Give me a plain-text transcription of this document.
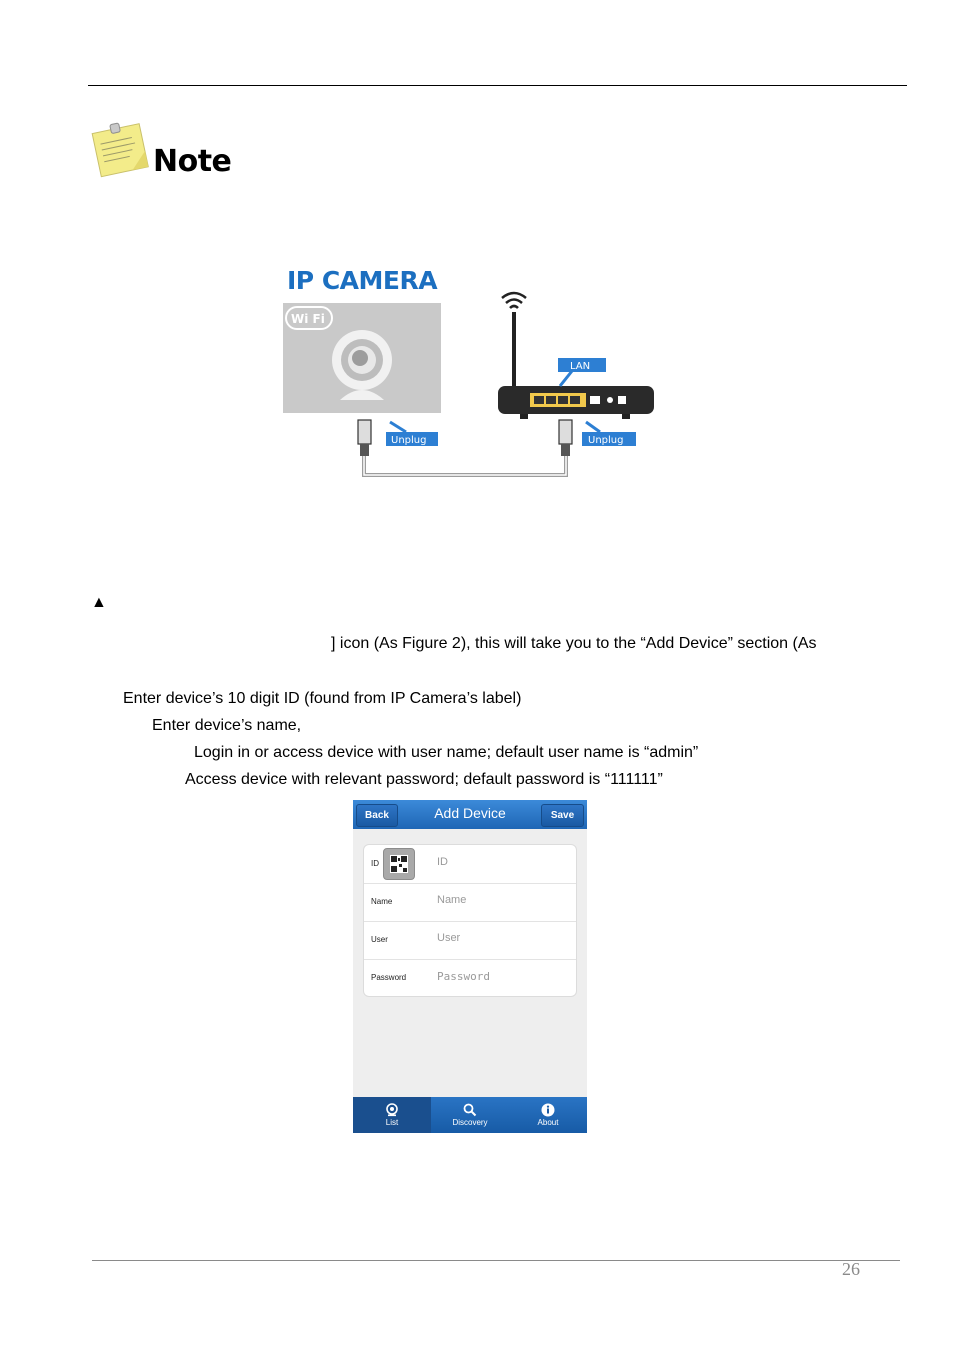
Note
IP CAMERA
Wi Fi
Unplug	Unplug
LAN
▲
] icon (As Figure 2), this will take you to the “Add Device” section (As
Enter device’s 10 digit ID (found from IP Camera’s label)
Enter device’s name,
Login in or access device with user name; default user name is “admin”
Access device with relevant password; default password is “111111”
Back	Add Device	Save
ID	ID
Name	Name
User	User
Password	Password
List	Discovery	About
26
